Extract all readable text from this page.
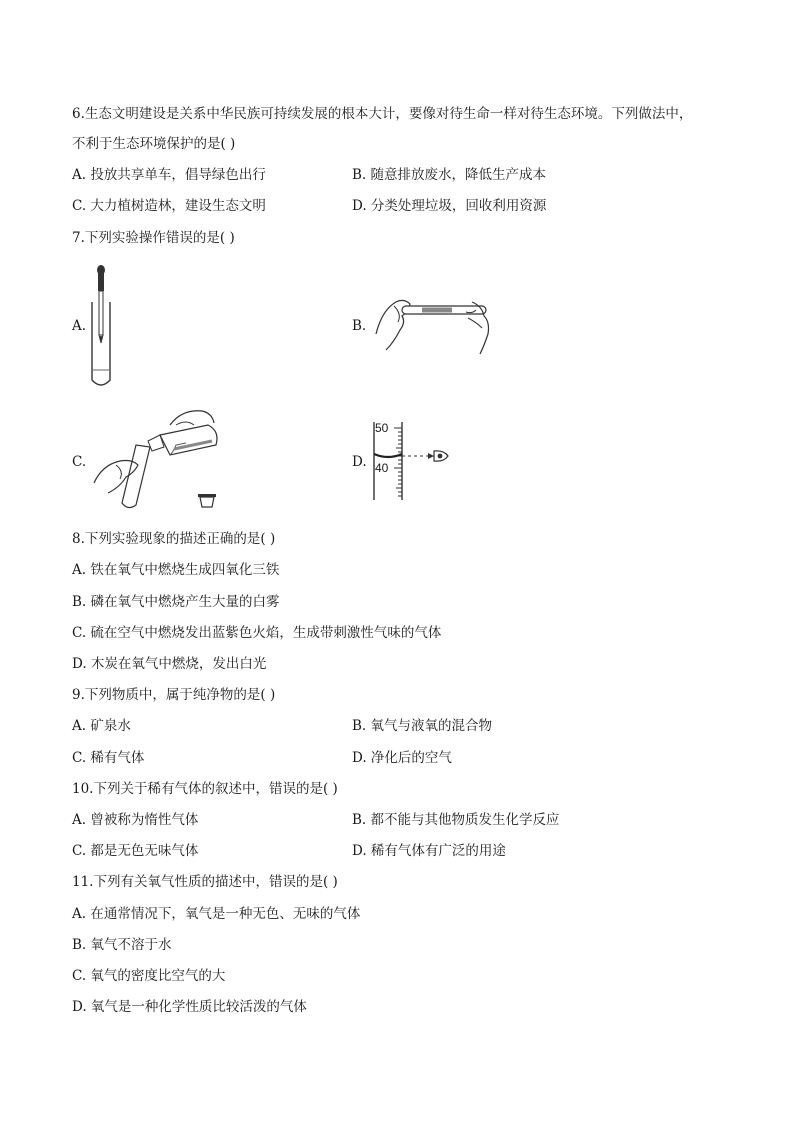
6.生态文明建设是关系中华民族可持续发展的根本大计，要像对待生命一样对待生态环境。下列做法中，
不利于生态环境保护的是( )
A. 投放共享单车，倡导绿色出行	B. 随意排放废水，降低生产成本
C. 大力植树造林，建设生态文明	D. 分类处理垃圾，回收利用资源
7.下列实验操作错误的是( )
A.	B.
C.	D.
50
40
8.下列实验现象的描述正确的是( )
A. 铁在氧气中燃烧生成四氧化三铁
B. 磷在氧气中燃烧产生大量的白雾
C. 硫在空气中燃烧发出蓝紫色火焰，生成带刺激性气味的气体
D. 木炭在氧气中燃烧，发出白光
9.下列物质中，属于纯净物的是( )
A. 矿泉水	B. 氧气与液氧的混合物
C. 稀有气体	D. 净化后的空气
10.下列关于稀有气体的叙述中，错误的是( )
A. 曾被称为惰性气体	B. 都不能与其他物质发生化学反应
C. 都是无色无味气体	D. 稀有气体有广泛的用途
11.下列有关氧气性质的描述中，错误的是( )
A. 在通常情况下，氧气是一种无色、无味的气体
B. 氧气不溶于水
C. 氧气的密度比空气的大
D. 氧气是一种化学性质比较活泼的气体
